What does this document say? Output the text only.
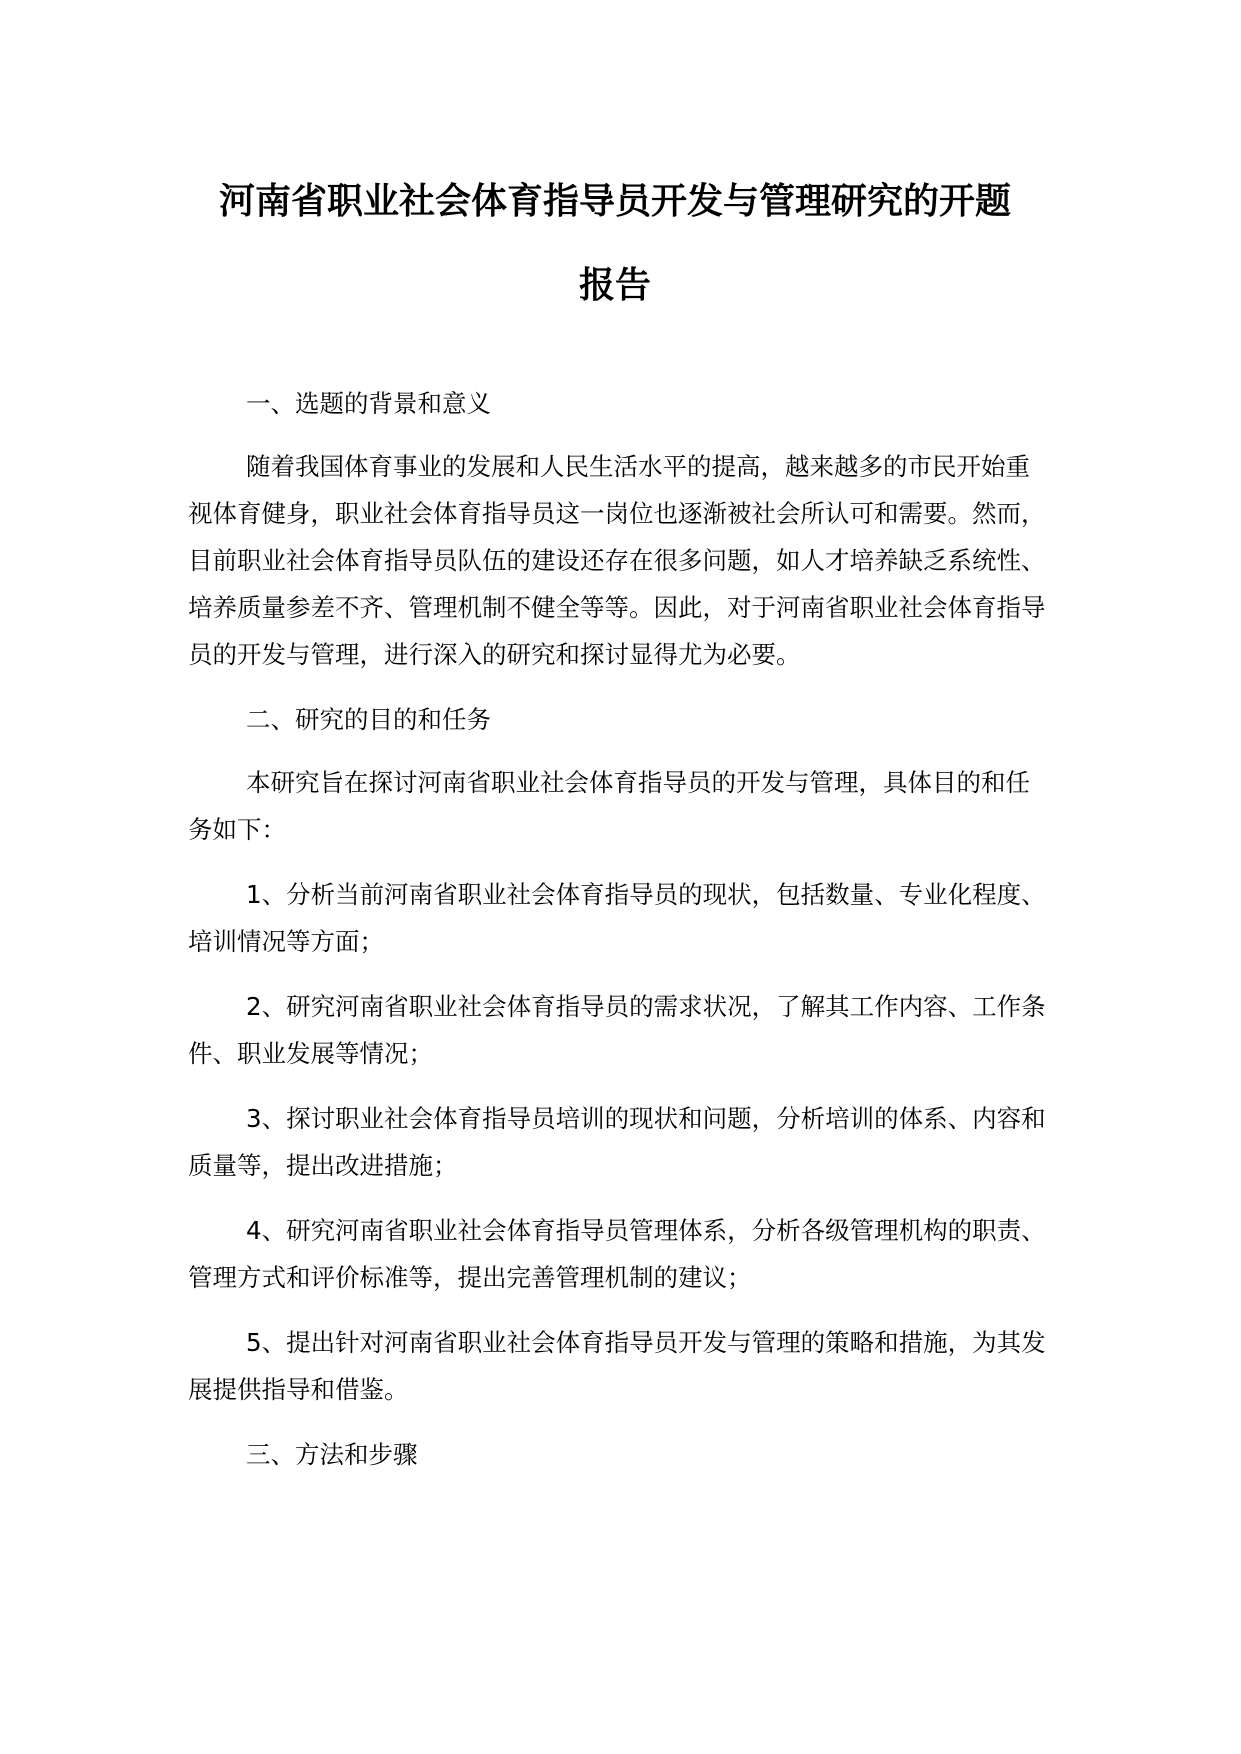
河南省职业社会体育指导员开发与管理研究的开题
报告

一、选题的背景和意义

随着我国体育事业的发展和人民生活水平的提高，越来越多的市民开始重视体育健身，职业社会体育指导员这一岗位也逐渐被社会所认可和需要。然而，目前职业社会体育指导员队伍的建设还存在很多问题，如人才培养缺乏系统性、培养质量参差不齐、管理机制不健全等等。因此，对于河南省职业社会体育指导员的开发与管理，进行深入的研究和探讨显得尤为必要。

二、研究的目的和任务

本研究旨在探讨河南省职业社会体育指导员的开发与管理，具体目的和任务如下：

1、分析当前河南省职业社会体育指导员的现状，包括数量、专业化程度、培训情况等方面；

2、研究河南省职业社会体育指导员的需求状况，了解其工作内容、工作条件、职业发展等情况；

3、探讨职业社会体育指导员培训的现状和问题，分析培训的体系、内容和质量等，提出改进措施；

4、研究河南省职业社会体育指导员管理体系，分析各级管理机构的职责、管理方式和评价标准等，提出完善管理机制的建议；

5、提出针对河南省职业社会体育指导员开发与管理的策略和措施，为其发展提供指导和借鉴。

三、方法和步骤
